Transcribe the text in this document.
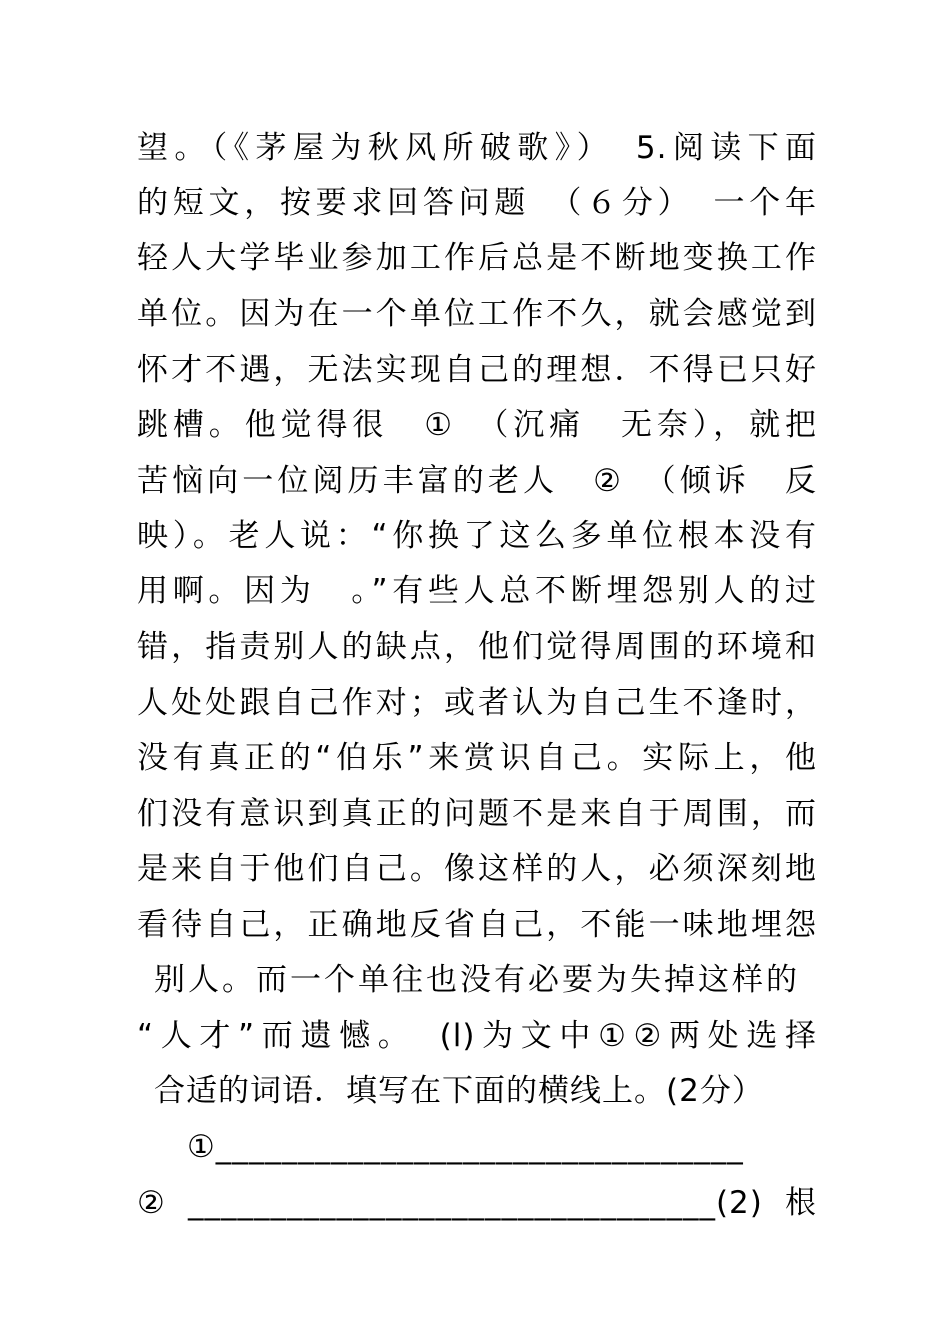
望。（《茅屋为秋风所破歌》）　5.阅读下面
的短文，按要求回答问题　（６分）　一个年
轻人大学毕业参加工作后总是不断地变换工作
单位。因为在一个单位工作不久，就会感觉到
怀才不遇，无法实现自己的理想．不得已只好
跳槽。他觉得很　①　（沉痛　无奈），就把
苦恼向一位阅历丰富的老人　②　（倾诉　反
映）。老人说：“你换了这么多单位根本没有
用啊。因为　。”有些人总不断埋怨别人的过
错，指责别人的缺点，他们觉得周围的环境和
人处处跟自己作对；或者认为自己生不逢时，
没有真正的“伯乐”来赏识自己。实际上，他
们没有意识到真正的问题不是来自于周围，而
是来自于他们自己。像这样的人，必须深刻地
看待自己，正确地反省自己，不能一味地埋怨
别人。而一个单往也没有必要为失掉这样的
“人才”而遗憾。　(l)为文中①②两处选择
合适的词语．填写在下面的横线上。(2分）
①________________________________
②________________________________(2)根
